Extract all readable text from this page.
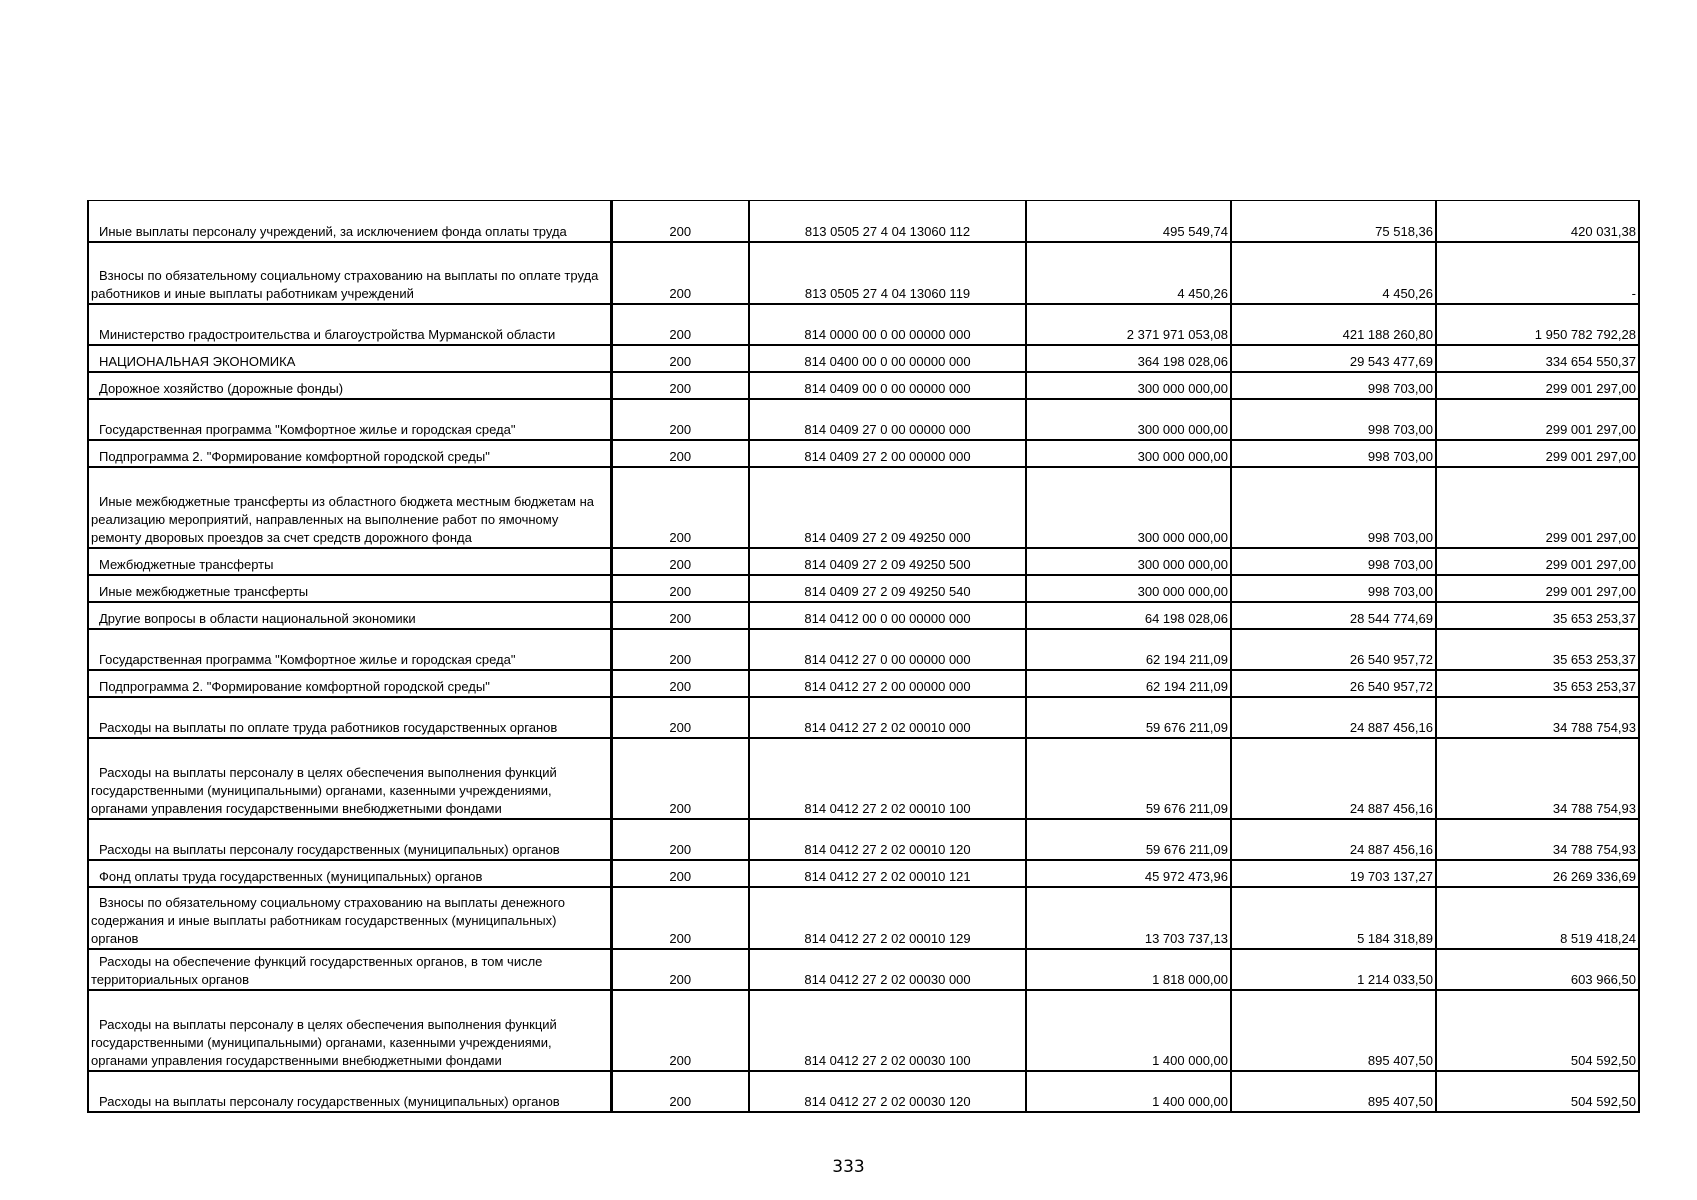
Иные выплаты персоналу учреждений, за исключением фонда оплаты труда	200	813 0505 27 4 04 13060 112	495 549,74	75 518,36	420 031,38
Взносы по обязательному социальному страхованию на выплаты по оплате труда работников и иные выплаты работникам учреждений	200	813 0505 27 4 04 13060 119	4 450,26	4 450,26	-
Министерство градостроительства и благоустройства Мурманской области	200	814 0000 00 0 00 00000 000	2 371 971 053,08	421 188 260,80	1 950 782 792,28
НАЦИОНАЛЬНАЯ ЭКОНОМИКА	200	814 0400 00 0 00 00000 000	364 198 028,06	29 543 477,69	334 654 550,37
Дорожное хозяйство (дорожные фонды)	200	814 0409 00 0 00 00000 000	300 000 000,00	998 703,00	299 001 297,00
Государственная программа "Комфортное жилье и городская среда"	200	814 0409 27 0 00 00000 000	300 000 000,00	998 703,00	299 001 297,00
Подпрограмма 2. "Формирование комфортной городской среды"	200	814 0409 27 2 00 00000 000	300 000 000,00	998 703,00	299 001 297,00
Иные межбюджетные трансферты из областного бюджета местным бюджетам на реализацию мероприятий, направленных на выполнение работ по ямочному ремонту дворовых проездов за счет средств дорожного фонда	200	814 0409 27 2 09 49250 000	300 000 000,00	998 703,00	299 001 297,00
Межбюджетные трансферты	200	814 0409 27 2 09 49250 500	300 000 000,00	998 703,00	299 001 297,00
Иные межбюджетные трансферты	200	814 0409 27 2 09 49250 540	300 000 000,00	998 703,00	299 001 297,00
Другие вопросы в области национальной экономики	200	814 0412 00 0 00 00000 000	64 198 028,06	28 544 774,69	35 653 253,37
Государственная программа "Комфортное жилье и городская среда"	200	814 0412 27 0 00 00000 000	62 194 211,09	26 540 957,72	35 653 253,37
Подпрограмма 2. "Формирование комфортной городской среды"	200	814 0412 27 2 00 00000 000	62 194 211,09	26 540 957,72	35 653 253,37
Расходы на выплаты по оплате труда работников государственных органов	200	814 0412 27 2 02 00010 000	59 676 211,09	24 887 456,16	34 788 754,93
Расходы на выплаты персоналу в целях обеспечения выполнения функций государственными (муниципальными) органами, казенными учреждениями, органами управления государственными внебюджетными фондами	200	814 0412 27 2 02 00010 100	59 676 211,09	24 887 456,16	34 788 754,93
Расходы на выплаты персоналу государственных (муниципальных) органов	200	814 0412 27 2 02 00010 120	59 676 211,09	24 887 456,16	34 788 754,93
Фонд оплаты труда государственных (муниципальных) органов	200	814 0412 27 2 02 00010 121	45 972 473,96	19 703 137,27	26 269 336,69
Взносы по обязательному социальному страхованию на выплаты денежного содержания и иные выплаты работникам государственных (муниципальных) органов	200	814 0412 27 2 02 00010 129	13 703 737,13	5 184 318,89	8 519 418,24
Расходы на обеспечение функций государственных органов, в том числе территориальных органов	200	814 0412 27 2 02 00030 000	1 818 000,00	1 214 033,50	603 966,50
Расходы на выплаты персоналу в целях обеспечения выполнения функций государственными (муниципальными) органами, казенными учреждениями, органами управления государственными внебюджетными фондами	200	814 0412 27 2 02 00030 100	1 400 000,00	895 407,50	504 592,50
Расходы на выплаты персоналу государственных (муниципальных) органов	200	814 0412 27 2 02 00030 120	1 400 000,00	895 407,50	504 592,50
333
